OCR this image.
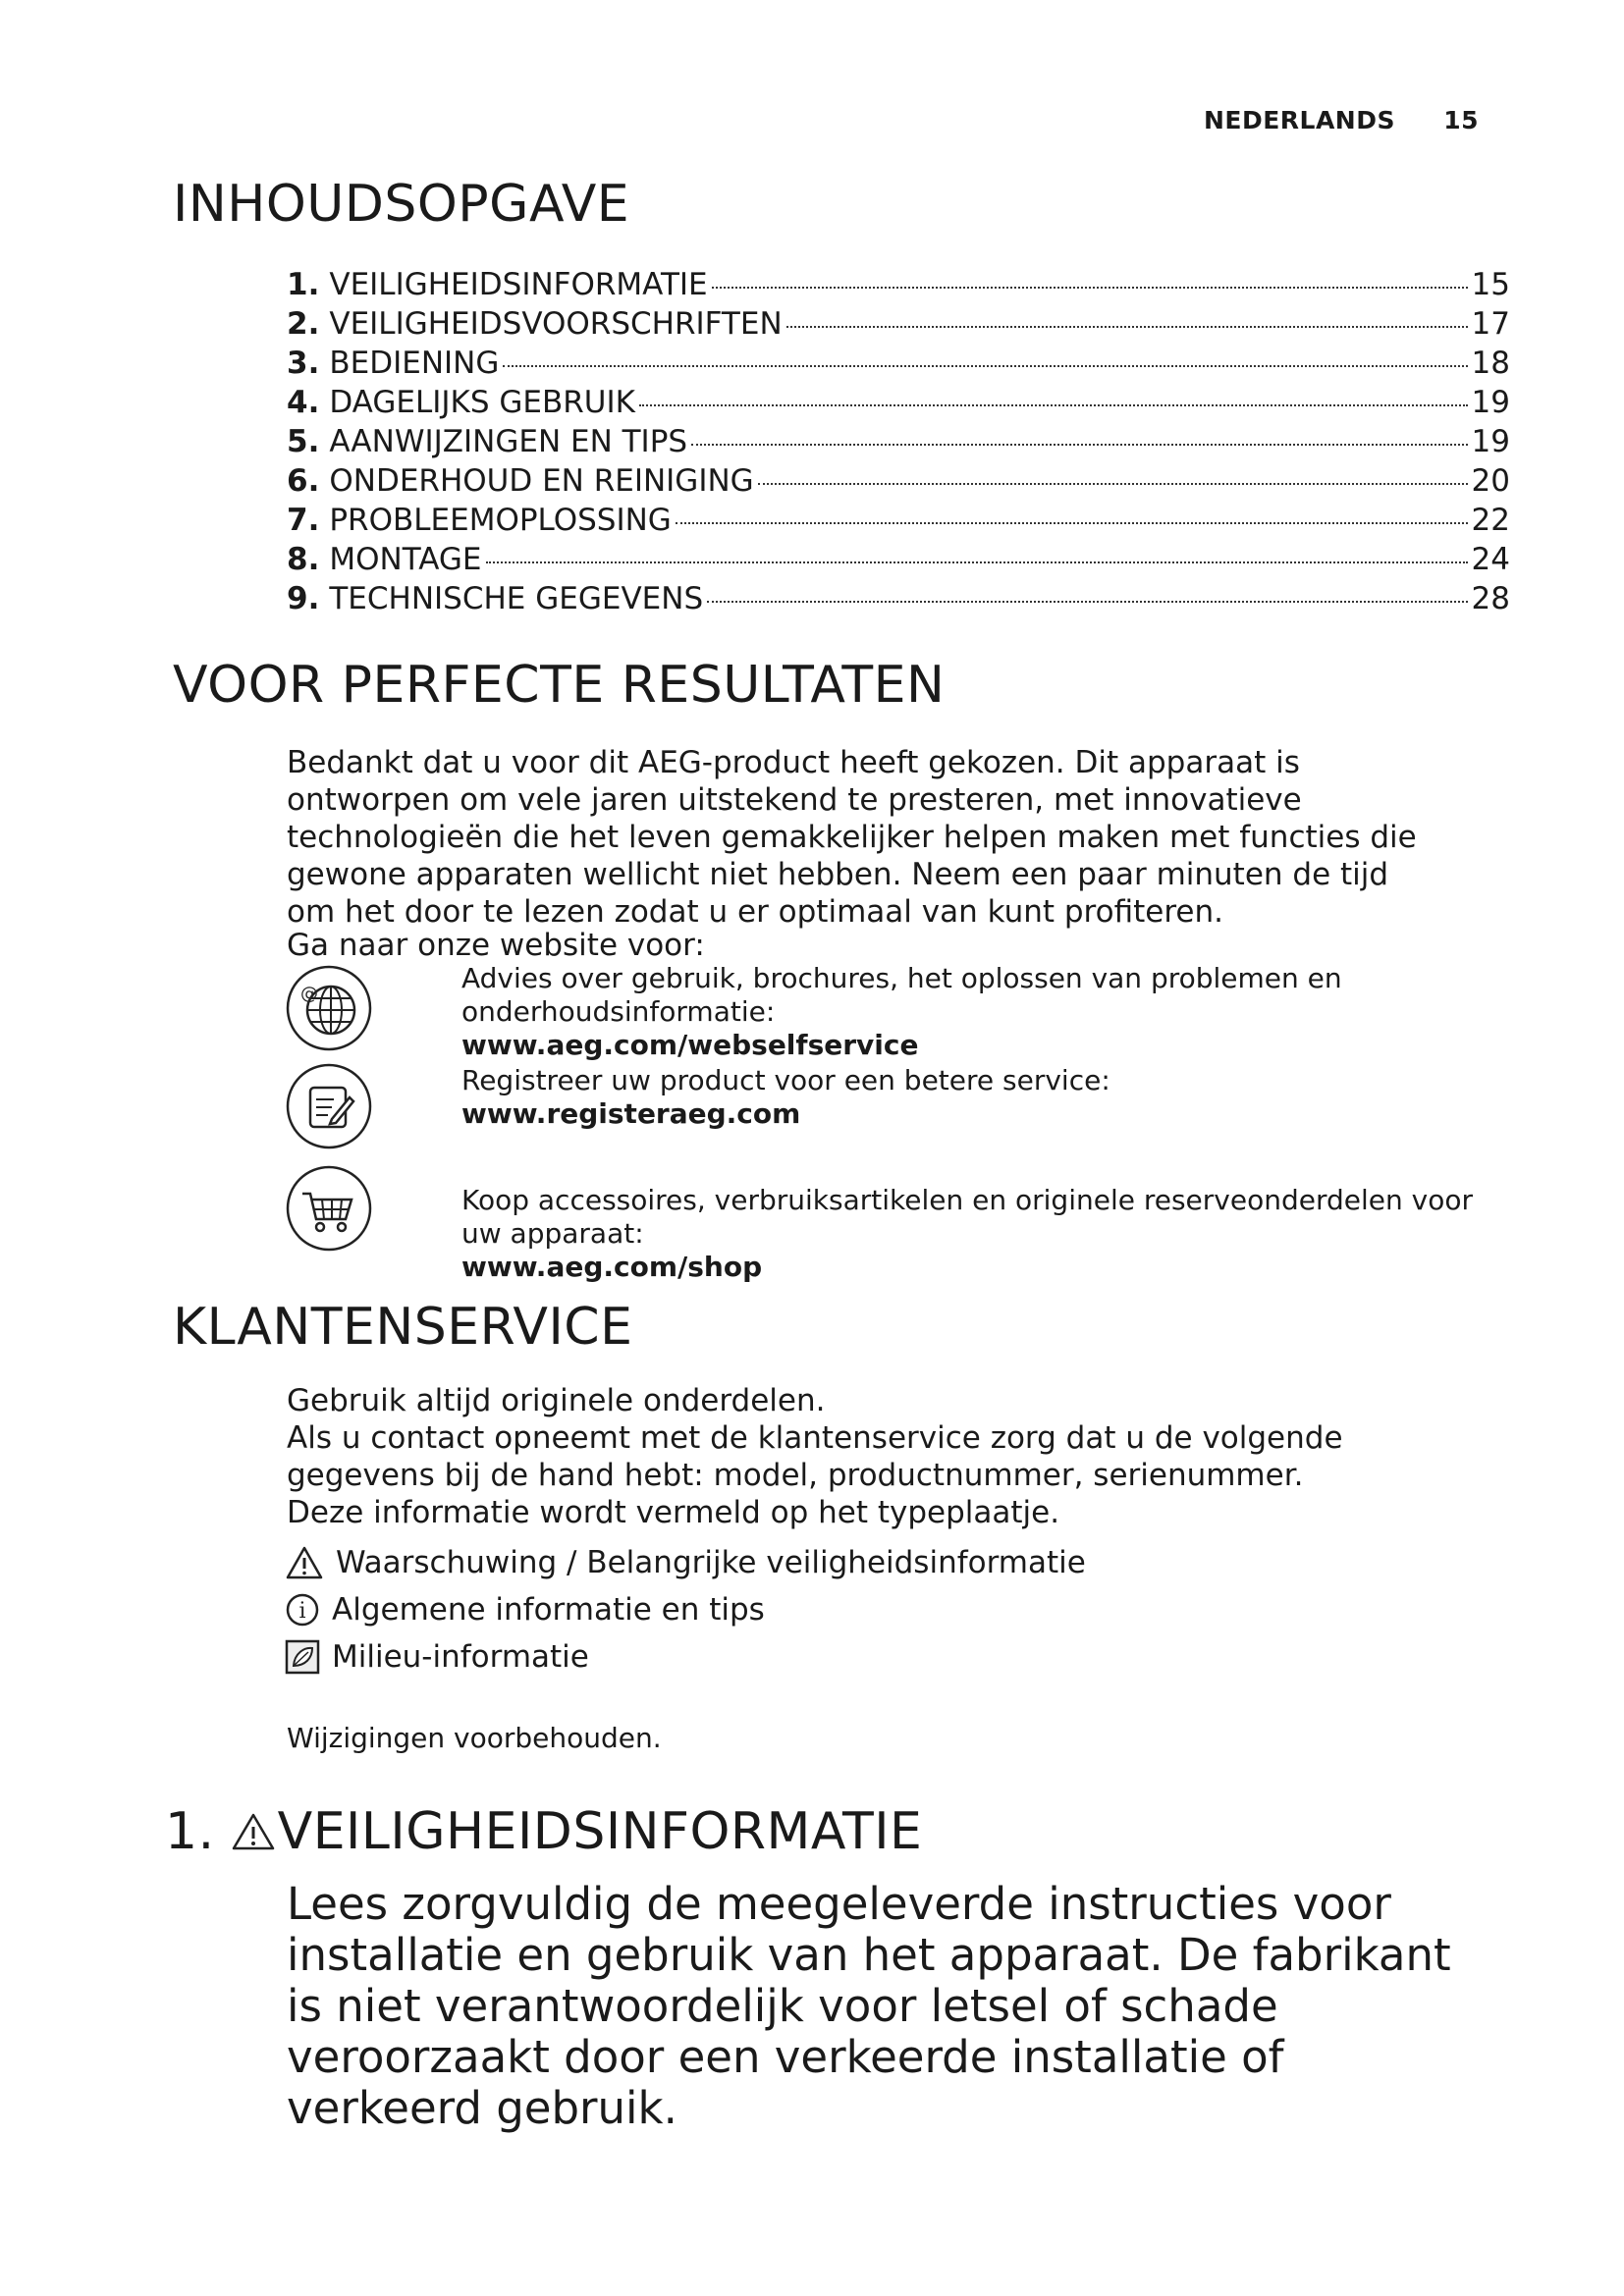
NEDERLANDS 15
INHOUDSOPGAVE
1. VEILIGHEIDSINFORMATIE	15
2. VEILIGHEIDSVOORSCHRIFTEN	17
3. BEDIENING	18
4. DAGELIJKS GEBRUIK	19
5. AANWIJZINGEN EN TIPS	19
6. ONDERHOUD EN REINIGING	20
7. PROBLEEMOPLOSSING	22
8. MONTAGE	24
9. TECHNISCHE GEGEVENS	28
VOOR PERFECTE RESULTATEN

Bedankt dat u voor dit AEG-product heeft gekozen. Dit apparaat is ontworpen om vele jaren uitstekend te presteren, met innovatieve technologieën die het leven gemakkelijker helpen maken met functies die gewone apparaten wellicht niet hebben. Neem een paar minuten de tijd om het door te lezen zodat u er optimaal van kunt profiteren.

Ga naar onze website voor:

@	Advies over gebruik, brochures, het oplossen van problemen en onderhoudsinformatie:
www.aeg.com/webselfservice
Registreer uw product voor een betere service:
www.registeraeg.com
Koop accessoires, verbruiksartikelen en originele reserveonderdelen voor uw apparaat:
www.aeg.com/shop
KLANTENSERVICE

Gebruik altijd originele onderdelen.

Als u contact opneemt met de klantenservice zorg dat u de volgende gegevens bij de hand hebt: model, productnummer, serienummer.

Deze informatie wordt vermeld op het typeplaatje.

Waarschuwing / Belangrijke veiligheidsinformatie
i Algemene informatie en tips
Milieu-informatie

Wijzigingen voorbehouden.

1. VEILIGHEIDSINFORMATIE

Lees zorgvuldig de meegeleverde instructies voor installatie en gebruik van het apparaat. De fabrikant is niet verantwoordelijk voor letsel of schade veroorzaakt door een verkeerde installatie of verkeerd gebruik.
